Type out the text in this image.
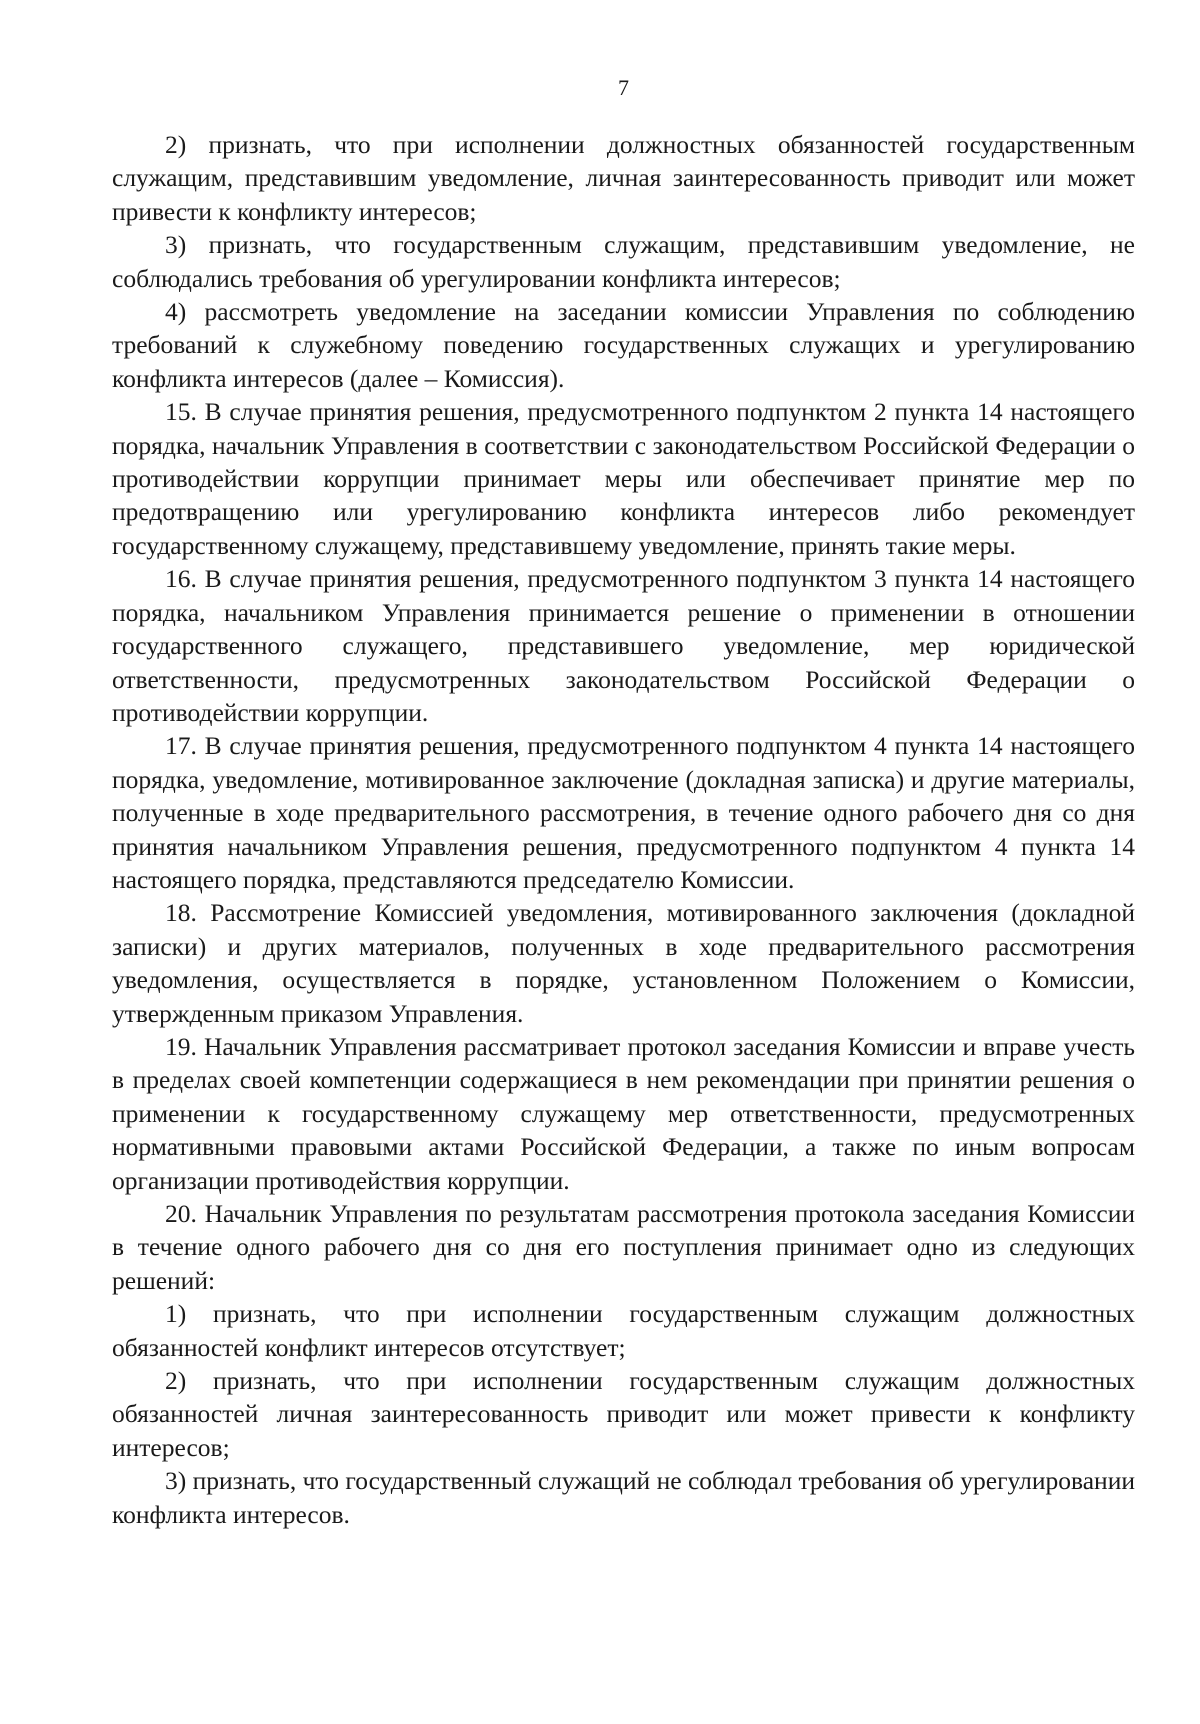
7

2) признать, что при исполнении должностных обязанностей государственным служащим, представившим уведомление, личная заинтересованность приводит или может привести к конфликту интересов;

3) признать, что государственным служащим, представившим уведомление, не соблюдались требования об урегулировании конфликта интересов;

4) рассмотреть уведомление на заседании комиссии Управления по соблюдению требований к служебному поведению государственных служащих и урегулированию конфликта интересов (далее – Комиссия).

15. В случае принятия решения, предусмотренного подпунктом 2 пункта 14 настоящего порядка, начальник Управления в соответствии с законодательством Российской Федерации о противодействии коррупции принимает меры или обеспечивает принятие мер по предотвращению или урегулированию конфликта интересов либо рекомендует государственному служащему, представившему уведомление, принять такие меры.

16. В случае принятия решения, предусмотренного подпунктом 3 пункта 14 настоящего порядка, начальником Управления принимается решение о применении в отношении государственного служащего, представившего уведомление, мер юридической ответственности, предусмотренных законодательством Российской Федерации о противодействии коррупции.

17. В случае принятия решения, предусмотренного подпунктом 4 пункта 14 настоящего порядка, уведомление, мотивированное заключение (докладная записка) и другие материалы, полученные в ходе предварительного рассмотрения, в течение одного рабочего дня со дня принятия начальником Управления решения, предусмотренного подпунктом 4 пункта 14 настоящего порядка, представляются председателю Комиссии.

18. Рассмотрение Комиссией уведомления, мотивированного заключения (докладной записки) и других материалов, полученных в ходе предварительного рассмотрения уведомления, осуществляется в порядке, установленном Положением о Комиссии, утвержденным приказом Управления.

19. Начальник Управления рассматривает протокол заседания Комиссии и вправе учесть в пределах своей компетенции содержащиеся в нем рекомендации при принятии решения о применении к государственному служащему мер ответственности, предусмотренных нормативными правовыми актами Российской Федерации, а также по иным вопросам организации противодействия коррупции.

20. Начальник Управления по результатам рассмотрения протокола заседания Комиссии в течение одного рабочего дня со дня его поступления принимает одно из следующих решений:

1) признать, что при исполнении государственным служащим должностных обязанностей конфликт интересов отсутствует;

2) признать, что при исполнении государственным служащим должностных обязанностей личная заинтересованность приводит или может привести к конфликту интересов;

3) признать, что государственный служащий не соблюдал требования об урегулировании конфликта интересов.
